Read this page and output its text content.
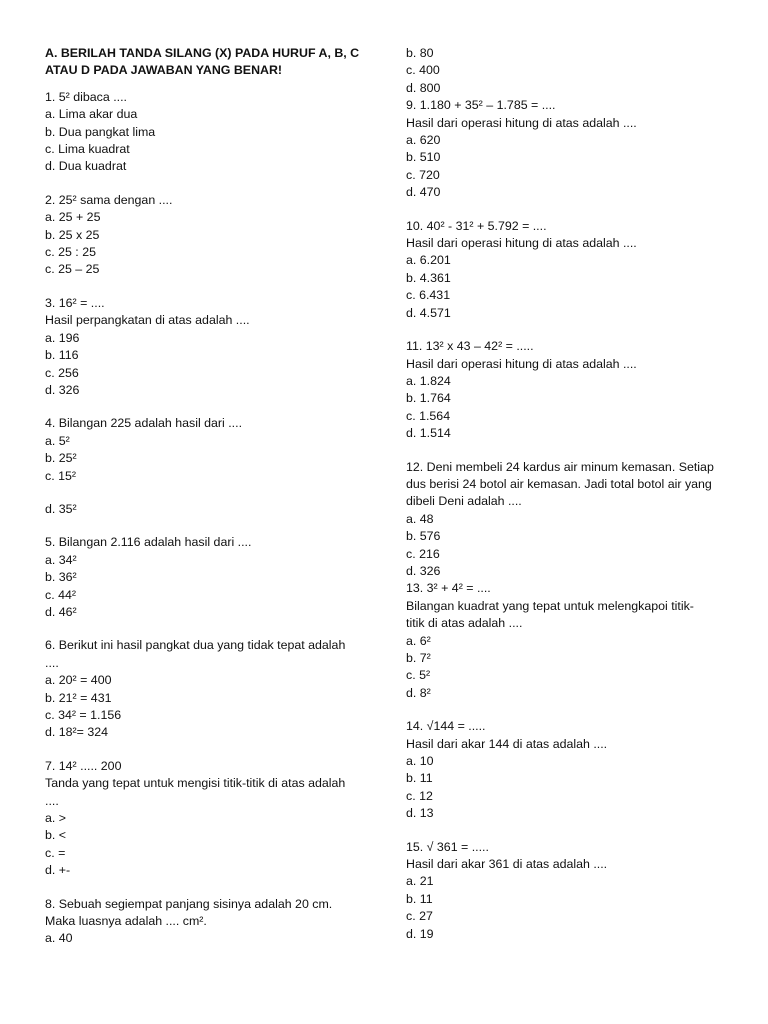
A. BERILAH TANDA SILANG (X) PADA HURUF A, B, C
ATAU D PADA JAWABAN YANG BENAR!
1. 5² dibaca ....
a. Lima akar dua
b. Dua pangkat lima
c. Lima kuadrat
d. Dua kuadrat
2. 25² sama dengan ....
a. 25 + 25
b. 25 x 25
c. 25 : 25
c. 25 – 25
3. 16² = ....
Hasil perpangkatan di atas adalah ....
a. 196
b. 116
c. 256
d. 326
4. Bilangan 225 adalah hasil dari ....
a. 5²
b. 25²
c. 15²
d. 35²
5. Bilangan 2.116 adalah hasil dari ....
a. 34²
b. 36²
c. 44²
d. 46²
6. Berikut ini hasil pangkat dua yang tidak tepat adalah
....
a. 20² = 400
b. 21² = 431
c. 34² = 1.156
d. 18²= 324
7. 14² ..... 200
Tanda yang tepat untuk mengisi titik-titik di atas adalah
....
a. >
b. <
c. =
d. +-
8. Sebuah segiempat panjang sisinya adalah 20 cm.
Maka luasnya adalah .... cm².
a. 40
b. 80
c. 400
d. 800
9. 1.180 + 35² – 1.785 = ....
Hasil dari operasi hitung di atas adalah ....
a. 620
b. 510
c. 720
d. 470
10. 40² - 31² + 5.792 = ....
Hasil dari operasi hitung di atas adalah ....
a. 6.201
b. 4.361
c. 6.431
d. 4.571
11. 13² x 43 – 42² = .....
Hasil dari operasi hitung di atas adalah ....
a. 1.824
b. 1.764
c. 1.564
d. 1.514
12. Deni membeli 24 kardus air minum kemasan. Setiap
dus berisi 24 botol air kemasan. Jadi total botol air yang
dibeli Deni adalah ....
a. 48
b. 576
c. 216
d. 326
13. 3² + 4² = ....
Bilangan kuadrat yang tepat untuk melengkapoi titik-
titik di atas adalah ....
a. 6²
b. 7²
c. 5²
d. 8²
14. √144 = .....
Hasil dari akar 144 di atas adalah ....
a. 10
b. 11
c. 12
d. 13
15. √ 361 = .....
Hasil dari akar 361 di atas adalah ....
a. 21
b. 11
c. 27
d. 19
